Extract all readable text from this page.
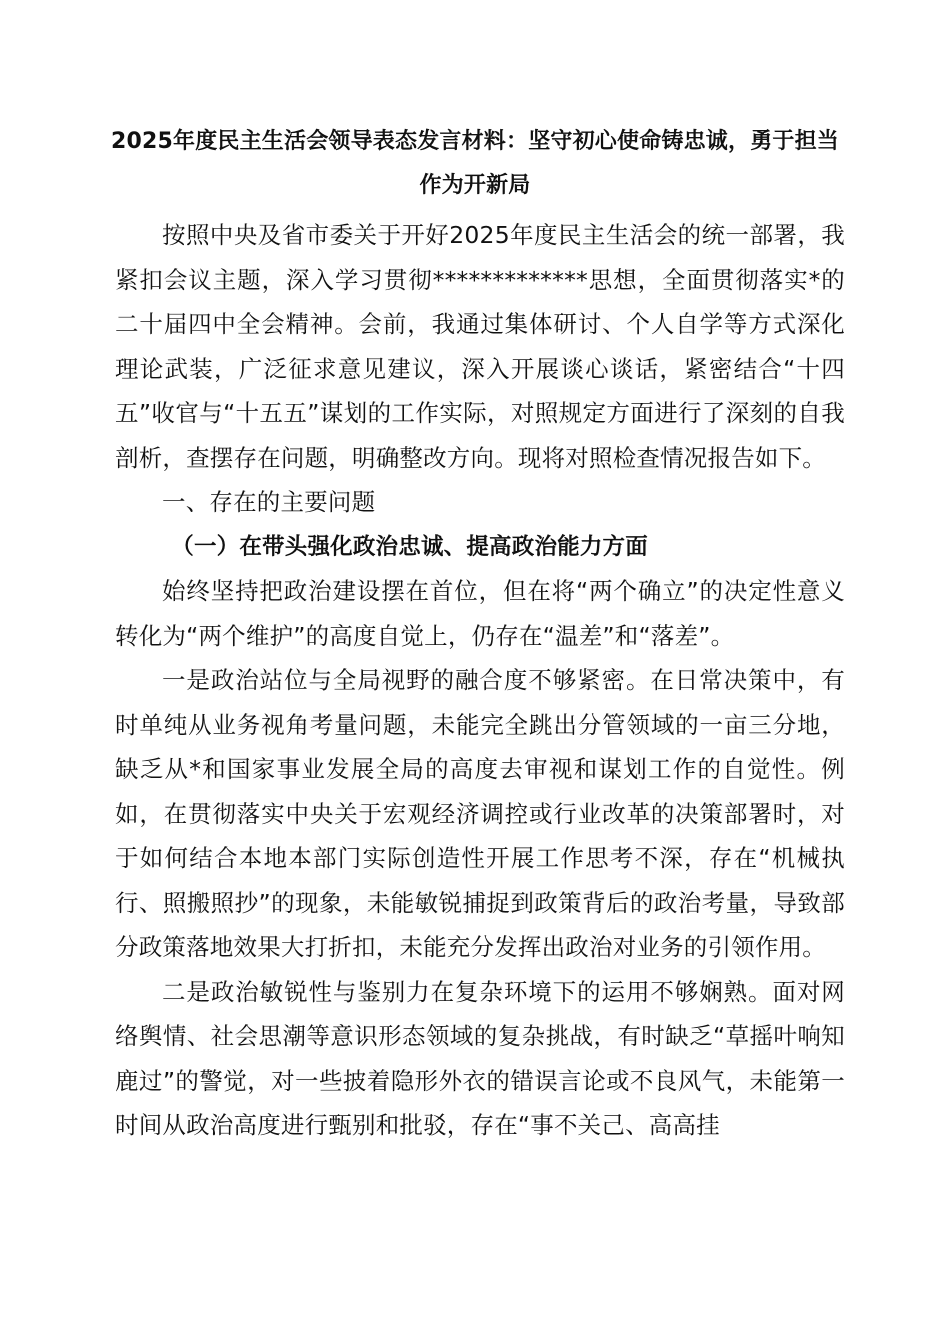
2025年度民主生活会领导表态发言材料：坚守初心使命铸忠诚，勇于担当作为开新局

按照中央及省市委关于开好2025年度民主生活会的统一部署，我紧扣会议主题，深入学习贯彻*************思想，全面贯彻落实*的二十届四中全会精神。会前，我通过集体研讨、个人自学等方式深化理论武装，广泛征求意见建议，深入开展谈心谈话，紧密结合“十四五”收官与“十五五”谋划的工作实际，对照规定方面进行了深刻的自我剖析，查摆存在问题，明确整改方向。现将对照检查情况报告如下。

一、存在的主要问题

（一）在带头强化政治忠诚、提高政治能力方面

始终坚持把政治建设摆在首位，但在将“两个确立”的决定性意义转化为“两个维护”的高度自觉上，仍存在“温差”和“落差”。

一是政治站位与全局视野的融合度不够紧密。在日常决策中，有时单纯从业务视角考量问题，未能完全跳出分管领域的一亩三分地，缺乏从*和国家事业发展全局的高度去审视和谋划工作的自觉性。例如，在贯彻落实中央关于宏观经济调控或行业改革的决策部署时，对于如何结合本地本部门实际创造性开展工作思考不深，存在“机械执行、照搬照抄”的现象，未能敏锐捕捉到政策背后的政治考量，导致部分政策落地效果大打折扣，未能充分发挥出政治对业务的引领作用。

二是政治敏锐性与鉴别力在复杂环境下的运用不够娴熟。面对网络舆情、社会思潮等意识形态领域的复杂挑战，有时缺乏“草摇叶响知鹿过”的警觉，对一些披着隐形外衣的错误言论或不良风气，未能第一时间从政治高度进行甄别和批驳，存在“事不关己、高高挂
